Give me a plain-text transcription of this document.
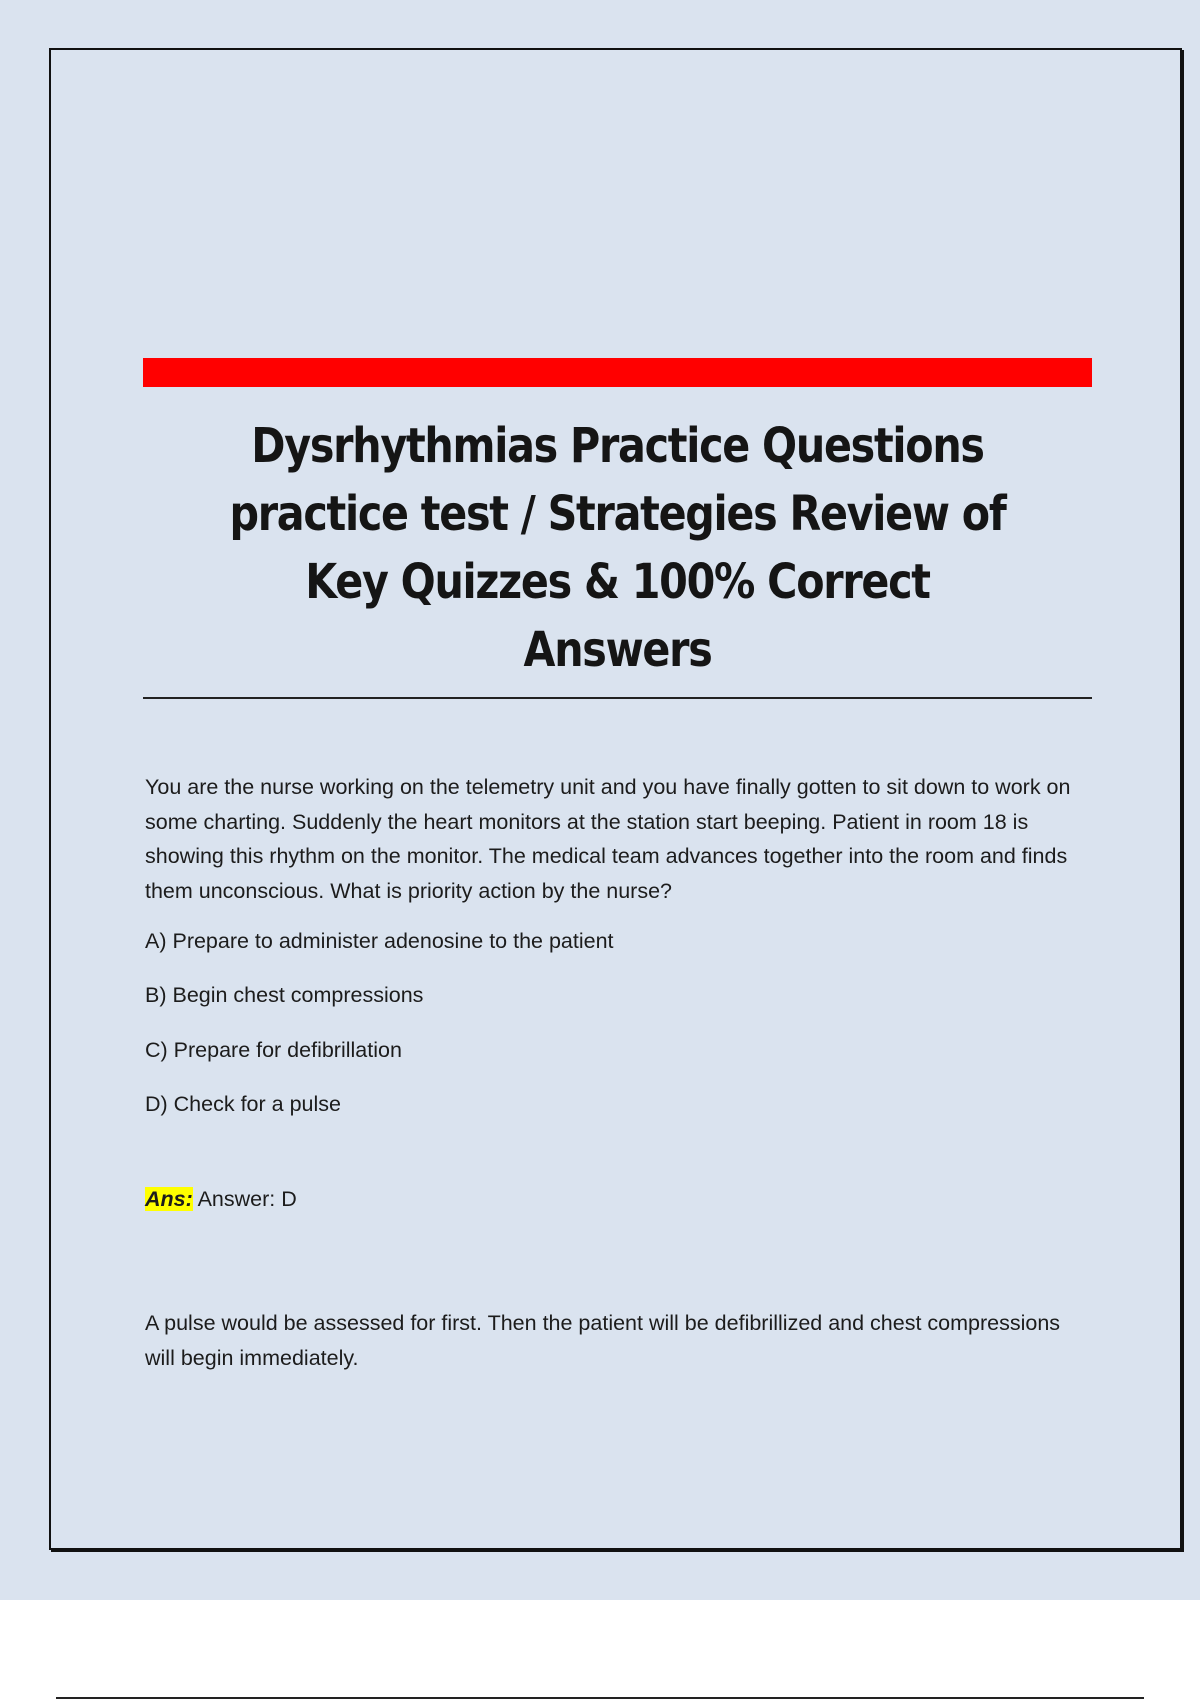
Dysrhythmias Practice Questions practice test / Strategies Review of Key Quizzes & 100% Correct Answers

You are the nurse working on the telemetry unit and you have finally gotten to sit down to work on some charting. Suddenly the heart monitors at the station start beeping. Patient in room 18 is showing this rhythm on the monitor. The medical team advances together into the room and finds them unconscious. What is priority action by the nurse?

A) Prepare to administer adenosine to the patient
B) Begin chest compressions
C) Prepare for defibrillation
D) Check for a pulse
Ans: Answer: D

A pulse would be assessed for first. Then the patient will be defibrillized and chest compressions will begin immediately.
